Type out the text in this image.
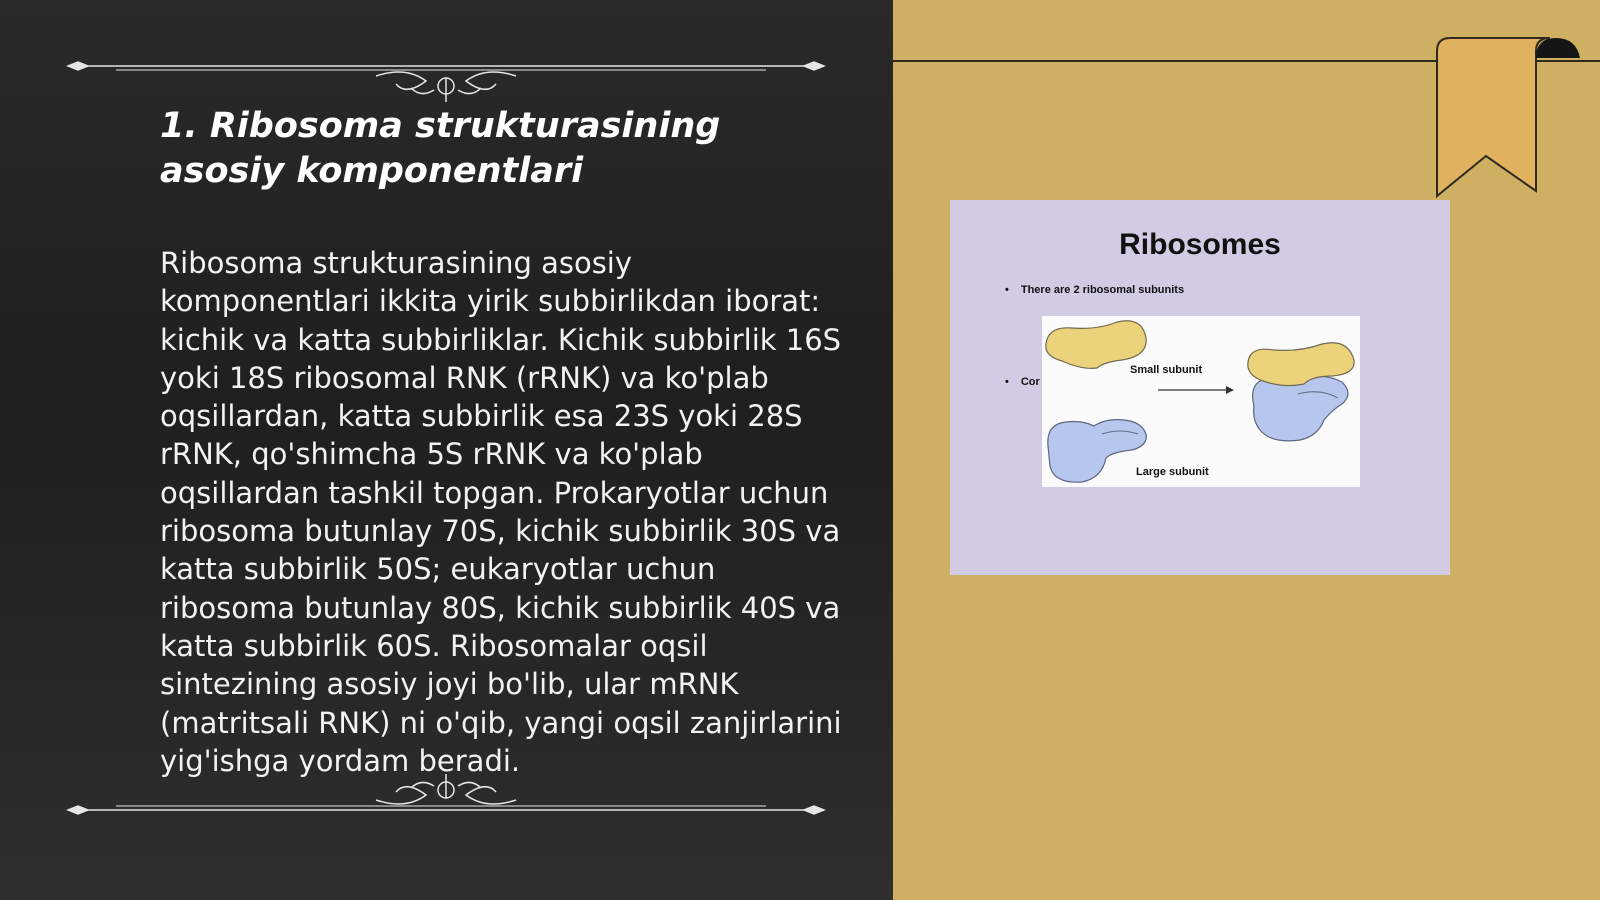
1. Ribosoma strukturasining asosiy komponentlari
Ribosoma strukturasining asosiy komponentlari ikkita yirik subbirlikdan iborat: kichik va katta subbirliklar. Kichik subbirlik 16S yoki 18S ribosomal RNK (rRNK) va ko'plab oqsillardan, katta subbirlik esa 23S yoki 28S rRNK, qo'shimcha 5S rRNK va ko'plab oqsillardan tashkil topgan. Prokaryotlar uchun ribosoma butunlay 70S, kichik subbirlik 30S va katta subbirlik 50S; eukaryotlar uchun ribosoma butunlay 80S, kichik subbirlik 40S va katta subbirlik 60S. Ribosomalar oqsil sintezining asosiy joyi bo'lib, ular mRNK (matritsali RNK) ni o'qib, yangi oqsil zanjirlarini yig'ishga yordam beradi.
Ribosomes
• There are 2 ribosomal subunits
• Cor
Small subunit
Large subunit
